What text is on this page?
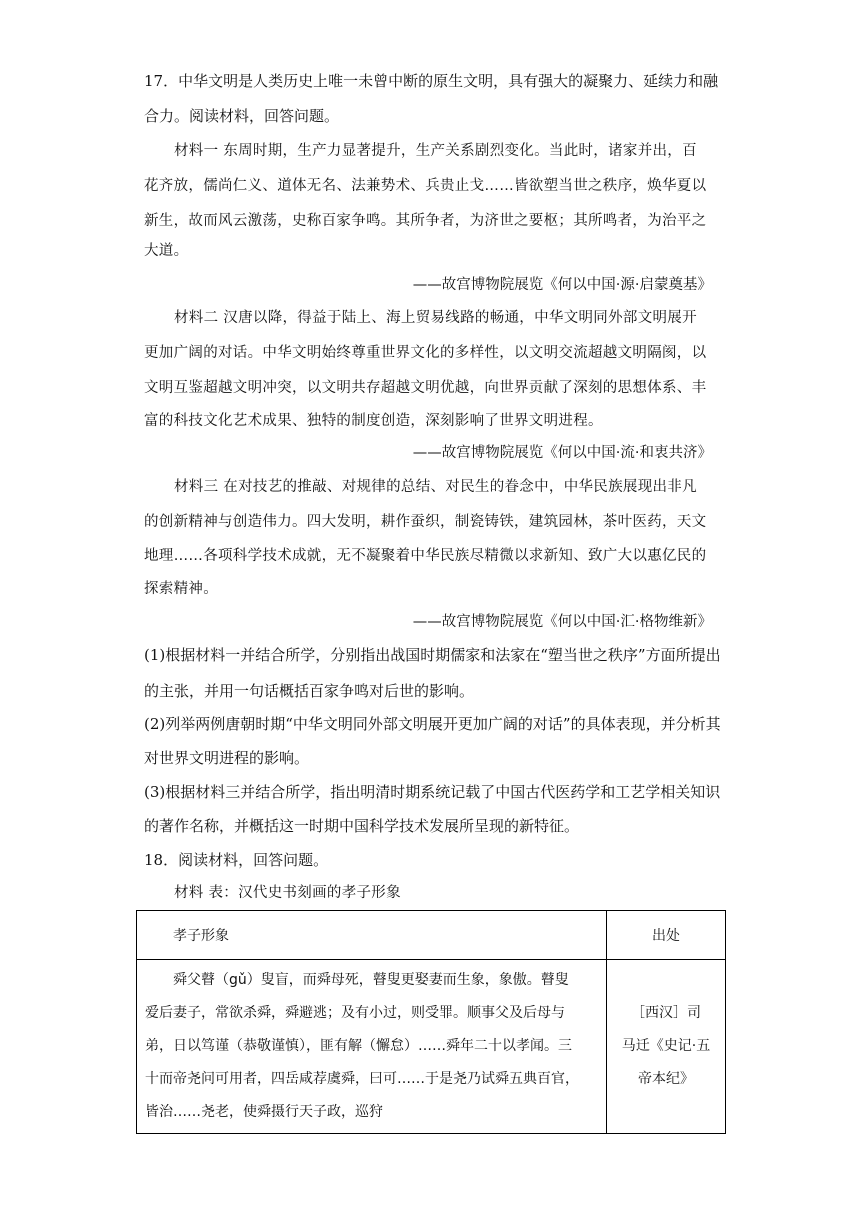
17．中华文明是人类历史上唯一未曾中断的原生文明，具有强大的凝聚力、延续力和融
合力。阅读材料，回答问题。
材料一 东周时期，生产力显著提升，生产关系剧烈变化。当此时，诸家并出，百
花齐放，儒尚仁义、道体无名、法兼势术、兵贵止戈……皆欲塑当世之秩序，焕华夏以
新生，故而风云激荡，史称百家争鸣。其所争者，为济世之要枢；其所鸣者，为治平之
大道。
——故宫博物院展览《何以中国·源·启蒙奠基》
材料二 汉唐以降，得益于陆上、海上贸易线路的畅通，中华文明同外部文明展开
更加广阔的对话。中华文明始终尊重世界文化的多样性，以文明交流超越文明隔阂，以
文明互鉴超越文明冲突，以文明共存超越文明优越，向世界贡献了深刻的思想体系、丰
富的科技文化艺术成果、独特的制度创造，深刻影响了世界文明进程。
——故宫博物院展览《何以中国·流·和衷共济》
材料三 在对技艺的推敲、对规律的总结、对民生的眷念中，中华民族展现出非凡
的创新精神与创造伟力。四大发明，耕作蚕织，制瓷铸铁，建筑园林，茶叶医药，天文
地理……各项科学技术成就，无不凝聚着中华民族尽精微以求新知、致广大以惠亿民的
探索精神。
——故宫博物院展览《何以中国·汇·格物维新》
(1)根据材料一并结合所学，分别指出战国时期儒家和法家在“塑当世之秩序”方面所提出
的主张，并用一句话概括百家争鸣对后世的影响。
(2)列举两例唐朝时期“中华文明同外部文明展开更加广阔的对话”的具体表现，并分析其
对世界文明进程的影响。
(3)根据材料三并结合所学，指出明清时期系统记载了中国古代医药学和工艺学相关知识
的著作名称，并概括这一时期中国科学技术发展所呈现的新特征。
18．阅读材料，回答问题。
材料 表：汉代史书刻画的孝子形象
孝子形象	出处

舜父瞽（gǔ）叟盲，而舜母死，瞽叟更娶妻而生象，象傲。瞽叟
爱后妻子，常欲杀舜，舜避逃；及有小过，则受罪。顺事父及后母与
弟，日以笃谨（恭敬谨慎），匪有解（懈怠）……舜年二十以孝闻。三
十而帝尧问可用者，四岳咸荐虞舜，曰可……于是尧乃试舜五典百官，
皆治……尧老，使舜摄行天子政，巡狩	［西汉］司
马迁《史记·五
帝本纪》
